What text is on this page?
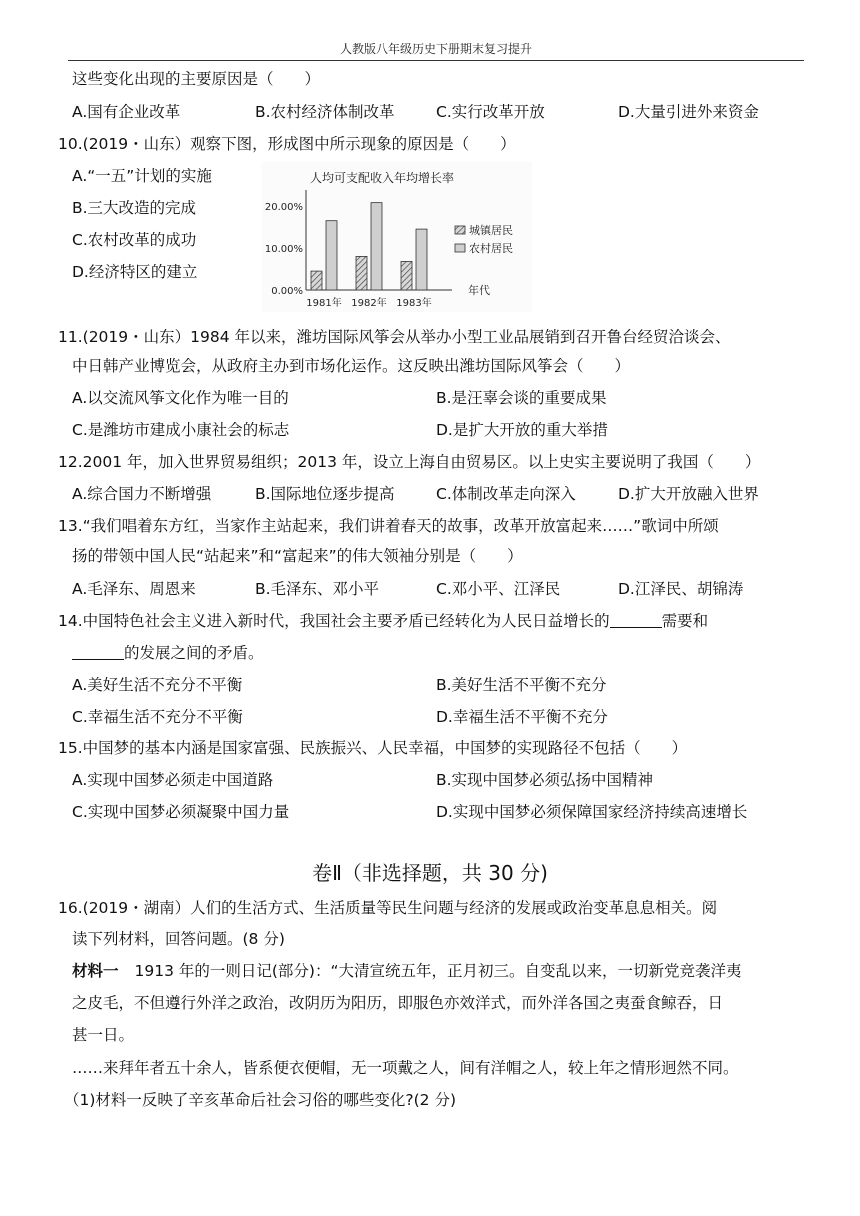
人教版八年级历史下册期末复习提升
这些变化出现的主要原因是（　　）
A.国有企业改革	B.农村经济体制改革	C.实行改革开放	D.大量引进外来资金
10.(2019・山东）观察下图，形成图中所示现象的原因是（　　）
A.“一五”计划的实施
B.三大改造的完成
C.农村改革的成功
D.经济特区的建立
人均可支配收入年均增长率
0.00%
10.00%
20.00%
1981年 1982年 1983年
年代
城镇居民
农村居民
11.(2019・山东）1984 年以来，潍坊国际风筝会从举办小型工业品展销到召开鲁台经贸洽谈会、
中日韩产业博览会，从政府主办到市场化运作。这反映出潍坊国际风筝会（　　）
A.以交流风筝文化作为唯一目的	B.是汪辜会谈的重要成果
C.是潍坊市建成小康社会的标志	D.是扩大开放的重大举措
12.2001 年，加入世界贸易组织；2013 年，设立上海自由贸易区。以上史实主要说明了我国（　　）
A.综合国力不断增强	B.国际地位逐步提高	C.体制改革走向深入	D.扩大开放融入世界
13.“我们唱着东方红，当家作主站起来，我们讲着春天的故事，改革开放富起来……”歌词中所颂
扬的带领中国人民“站起来”和“富起来”的伟大领袖分别是（　　）
A.毛泽东、周恩来	B.毛泽东、邓小平	C.邓小平、江泽民	D.江泽民、胡锦涛
14.中国特色社会主义进入新时代，我国社会主要矛盾已经转化为人民日益增长的	需要和
的发展之间的矛盾。
A.美好生活不充分不平衡	B.美好生活不平衡不充分
C.幸福生活不充分不平衡	D.幸福生活不平衡不充分
15.中国梦的基本内涵是国家富强、民族振兴、人民幸福，中国梦的实现路径不包括（　　）
A.实现中国梦必须走中国道路	B.实现中国梦必须弘扬中国精神
C.实现中国梦必须凝聚中国力量	D.实现中国梦必须保障国家经济持续高速增长
卷Ⅱ（非选择题，共 30 分)
16.(2019・湖南）人们的生活方式、生活质量等民生问题与经济的发展或政治变革息息相关。阅
读下列材料，回答问题。(8 分)
材料一 1913 年的一则日记(部分)：“大清宣统五年，正月初三。自变乱以来，一切新党竞袭洋夷
之皮毛，不但遵行外洋之政治，改阴历为阳历，即服色亦效洋式，而外洋各国之夷蚕食鲸吞，日
甚一日。
……来拜年者五十余人，皆系便衣便帽，无一项戴之人，间有洋帽之人，较上年之情形迥然不同。
（1)材料一反映了辛亥革命后社会习俗的哪些变化?(2 分)
